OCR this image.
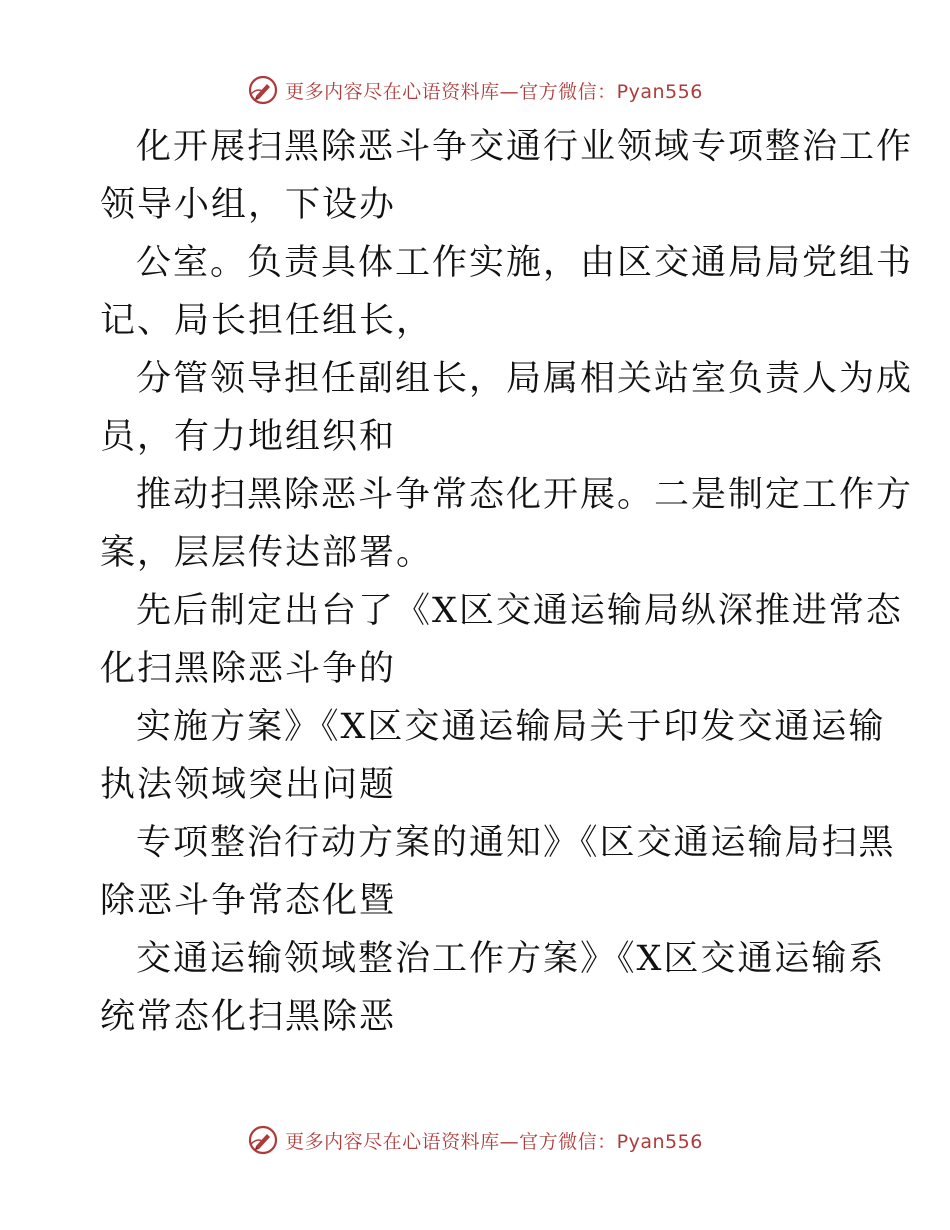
更多内容尽在心语资料库—官方微信：Pyan556
化开展扫黑除恶斗争交通行业领域专项整治工作
领导小组，下设办
公室。负责具体工作实施，由区交通局局党组书
记、局长担任组长，
分管领导担任副组长，局属相关站室负责人为成
员，有力地组织和
推动扫黑除恶斗争常态化开展。二是制定工作方
案，层层传达部署。
先后制定出台了《X区交通运输局纵深推进常态
化扫黑除恶斗争的
实施方案》《X区交通运输局关于印发交通运输
执法领域突出问题
专项整治行动方案的通知》《区交通运输局扫黑
除恶斗争常态化暨
交通运输领域整治工作方案》《X区交通运输系
统常态化扫黑除恶
更多内容尽在心语资料库—官方微信：Pyan556
